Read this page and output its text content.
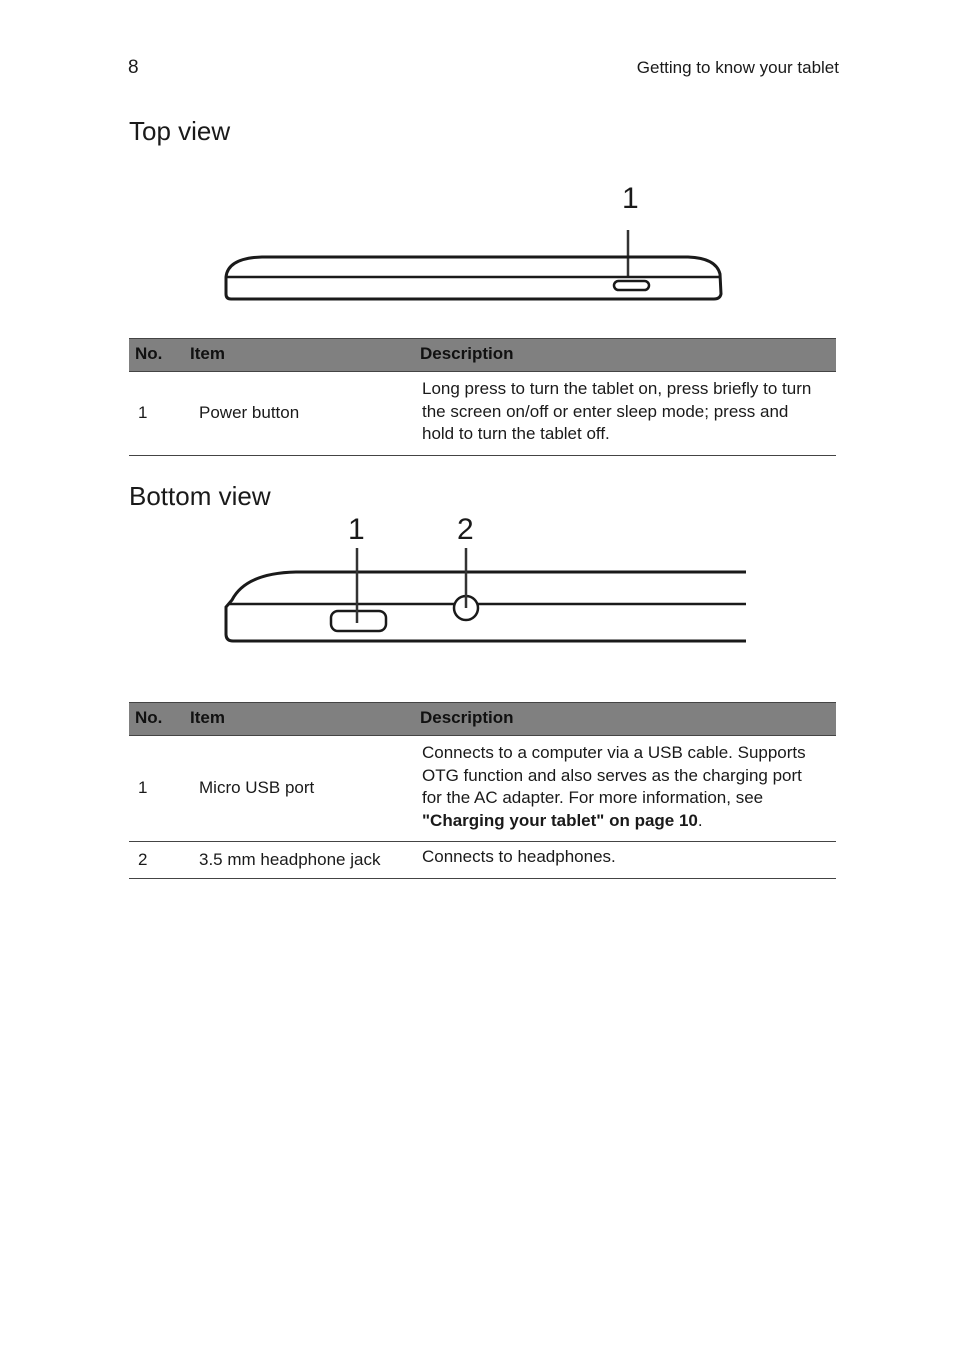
8	Getting to know your tablet
Top view
1
No.	Item	Description
1	Power button	Long press to turn the tablet on, press briefly to turn the screen on/off or enter sleep mode; press and hold to turn the tablet off.
Bottom view
1	2
No.	Item	Description
1	Micro USB port	Connects to a computer via a USB cable. Supports OTG function and also serves as the charging port for the AC adapter. For more information, see "Charging your tablet" on page 10.
2	3.5 mm headphone jack	Connects to headphones.
